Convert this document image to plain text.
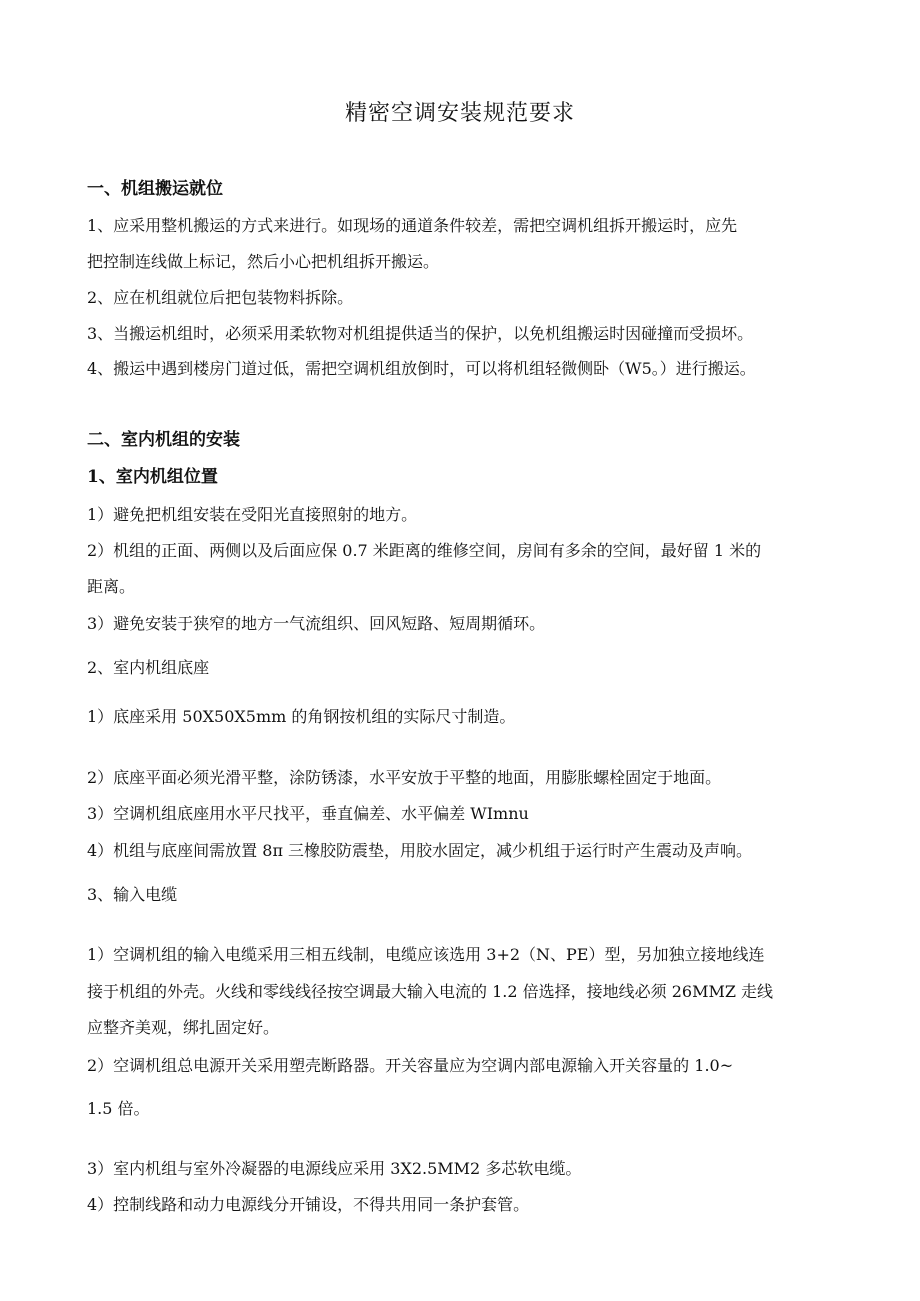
精密空调安装规范要求
一、机组搬运就位
1、应采用整机搬运的方式来进行。如现场的通道条件较差，需把空调机组拆开搬运时，应先
把控制连线做上标记，然后小心把机组拆开搬运。
2、应在机组就位后把包装物料拆除。
3、当搬运机组时，必须采用柔软物对机组提供适当的保护，以免机组搬运时因碰撞而受损坏。
4、搬运中遇到楼房门道过低，需把空调机组放倒时，可以将机组轻微侧卧（W5。）进行搬运。
二、室内机组的安装
1、室内机组位置
1）避免把机组安装在受阳光直接照射的地方。
2）机组的正面、两侧以及后面应保 0.7 米距离的维修空间，房间有多余的空间，最好留 1 米的
距离。
3）避免安装于狭窄的地方一气流组织、回风短路、短周期循环。
2、室内机组底座
1）底座采用 50X50X5mm 的角钢按机组的实际尺寸制造。
2）底座平面必须光滑平整，涂防锈漆，水平安放于平整的地面，用膨胀螺栓固定于地面。
3）空调机组底座用水平尺找平，垂直偏差、水平偏差 WImnu
4）机组与底座间需放置 8π 三橡胶防震垫，用胶水固定，减少机组于运行时产生震动及声响。
3、输入电缆
1）空调机组的输入电缆采用三相五线制，电缆应该选用 3+2（N、PE）型，另加独立接地线连
接于机组的外壳。火线和零线线径按空调最大输入电流的 1.2 倍选择，接地线必须 26MMZ 走线
应整齐美观，绑扎固定好。
2）空调机组总电源开关采用塑壳断路器。开关容量应为空调内部电源输入开关容量的 1.0~
1.5 倍。
3）室内机组与室外冷凝器的电源线应采用 3X2.5MM2 多芯软电缆。
4）控制线路和动力电源线分开铺设，不得共用同一条护套管。
